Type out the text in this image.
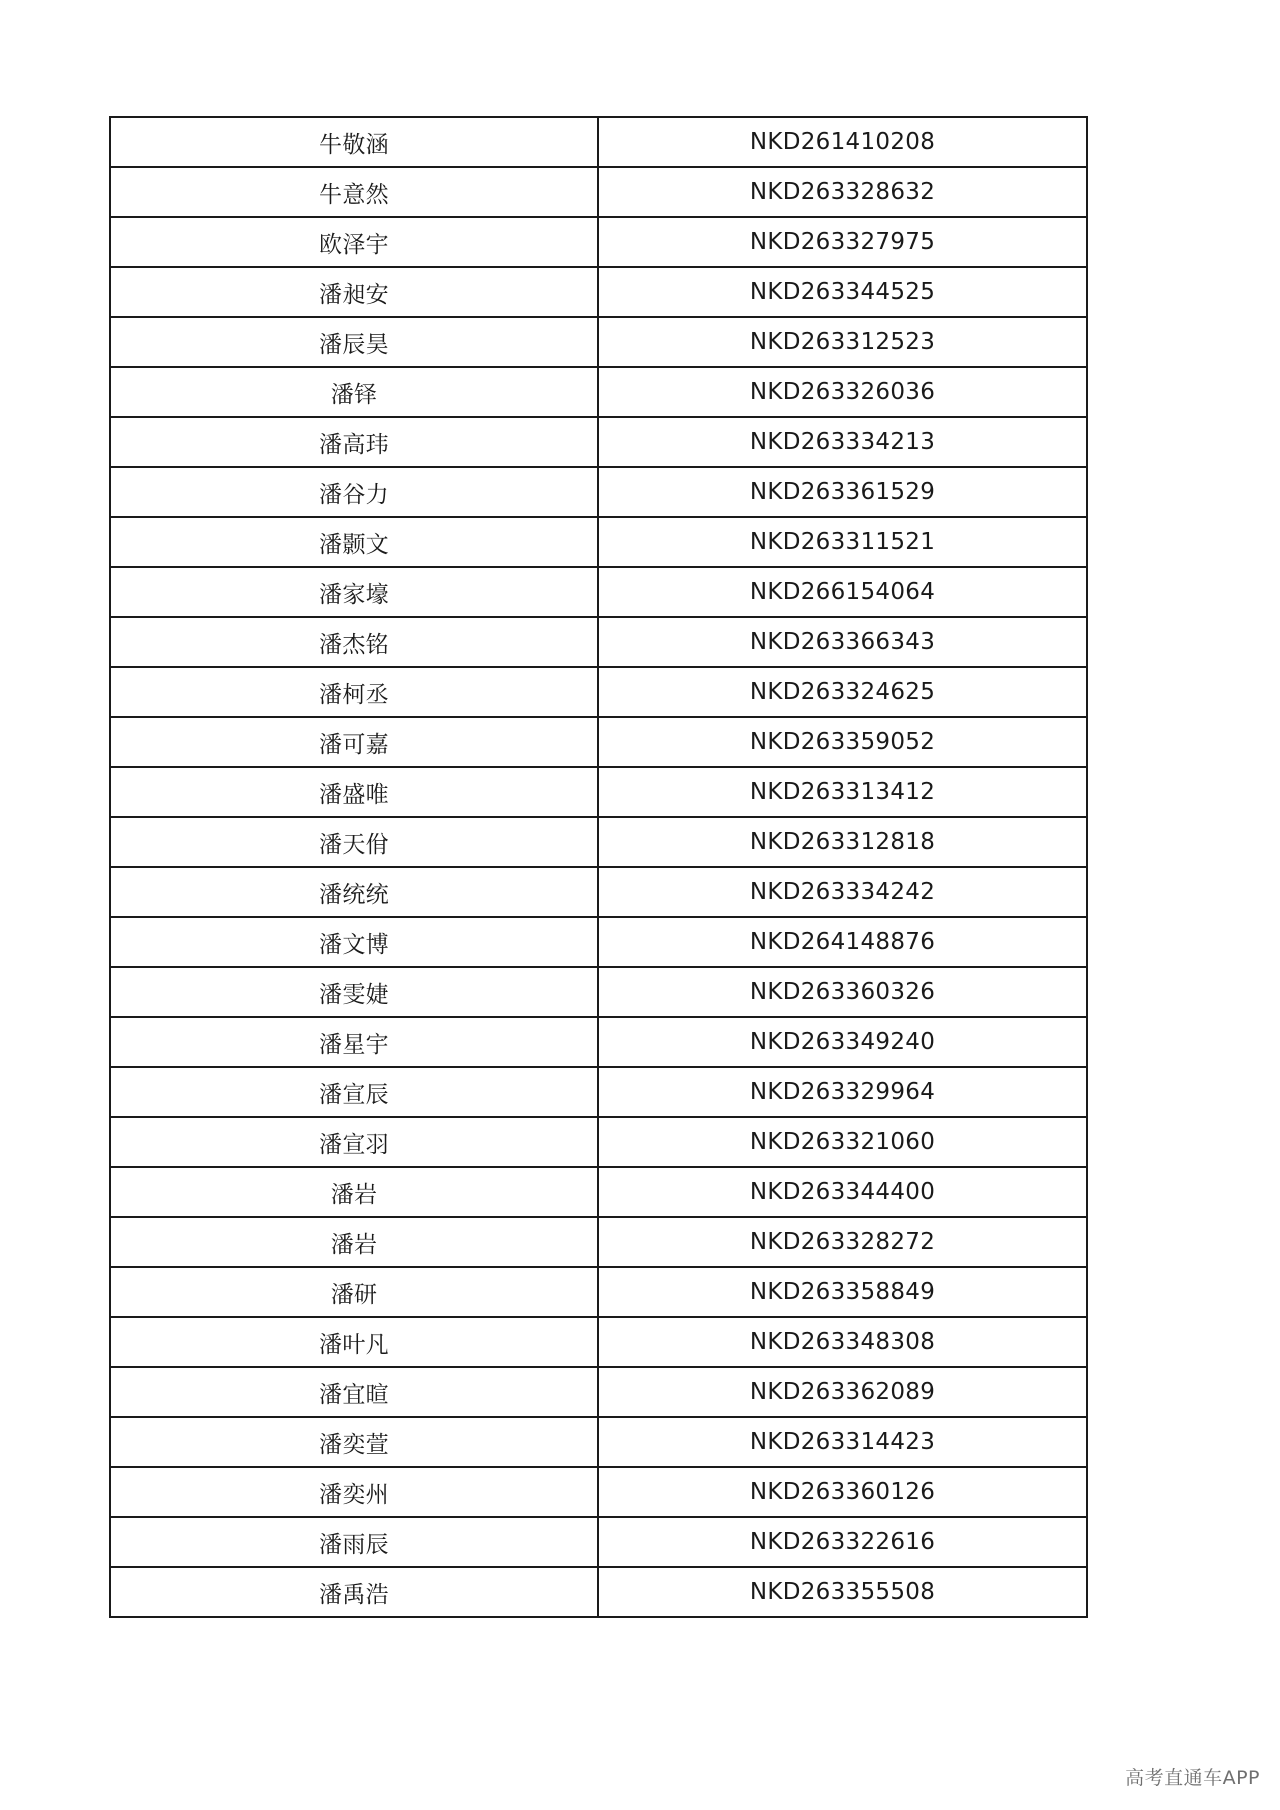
牛敬涵	NKD261410208
牛意然	NKD263328632
欧泽宇	NKD263327975
潘昶安	NKD263344525
潘辰昊	NKD263312523
潘铎	NKD263326036
潘高玮	NKD263334213
潘谷力	NKD263361529
潘颢文	NKD263311521
潘家壕	NKD266154064
潘杰铭	NKD263366343
潘柯丞	NKD263324625
潘可嘉	NKD263359052
潘盛唯	NKD263313412
潘天佾	NKD263312818
潘统统	NKD263334242
潘文博	NKD264148876
潘雯婕	NKD263360326
潘星宇	NKD263349240
潘宣辰	NKD263329964
潘宣羽	NKD263321060
潘岩	NKD263344400
潘岩	NKD263328272
潘研	NKD263358849
潘叶凡	NKD263348308
潘宜暄	NKD263362089
潘奕萱	NKD263314423
潘奕州	NKD263360126
潘雨辰	NKD263322616
潘禹浩	NKD263355508
高考直通车APP
